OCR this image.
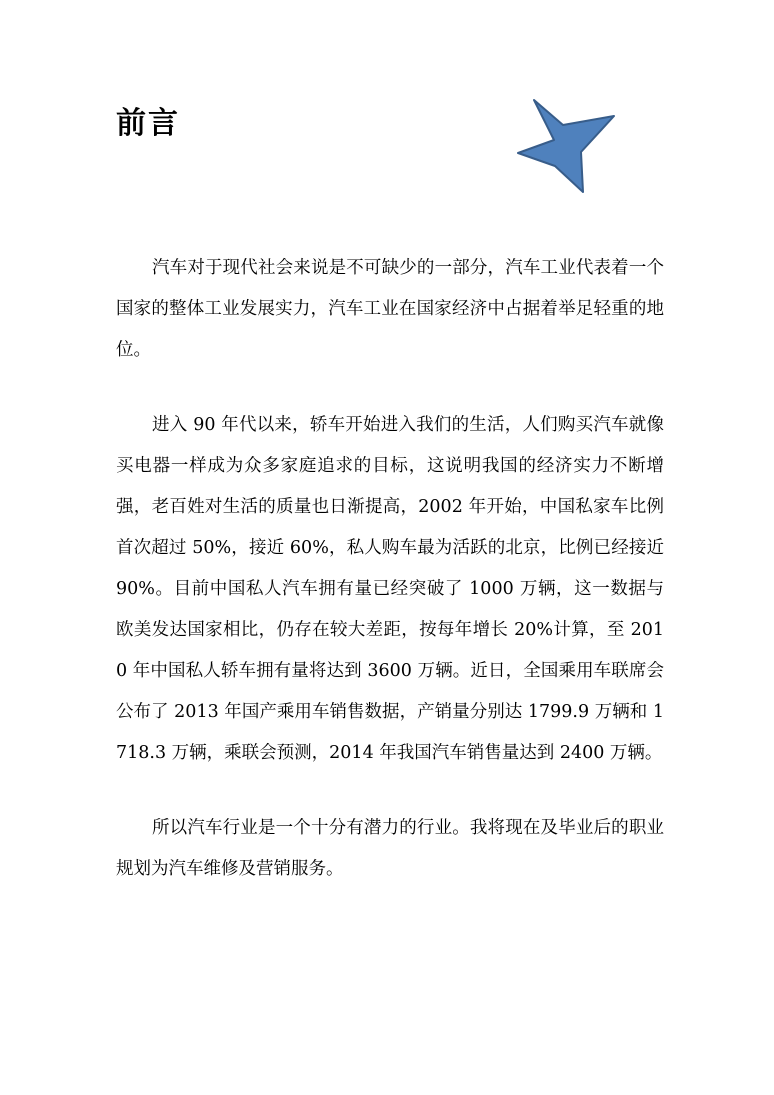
前言

汽车对于现代社会来说是不可缺少的一部分，汽车工业代表着一个国家的整体工业发展实力，汽车工业在国家经济中占据着举足轻重的地位。

进入 90 年代以来，轿车开始进入我们的生活，人们购买汽车就像买电器一样成为众多家庭追求的目标，这说明我国的经济实力不断增强，老百姓对生活的质量也日渐提高，2002 年开始，中国私家车比例首次超过 50%，接近 60%，私人购车最为活跃的北京，比例已经接近 90%。目前中国私人汽车拥有量已经突破了 1000 万辆，这一数据与欧美发达国家相比，仍存在较大差距，按每年增长 20%计算，至 2010 年中国私人轿车拥有量将达到 3600 万辆。近日，全国乘用车联席会公布了 2013 年国产乘用车销售数据，产销量分别达 1799.9 万辆和 1718.3 万辆，乘联会预测，2014 年我国汽车销售量达到 2400 万辆。

所以汽车行业是一个十分有潜力的行业。我将现在及毕业后的职业规划为汽车维修及营销服务。
